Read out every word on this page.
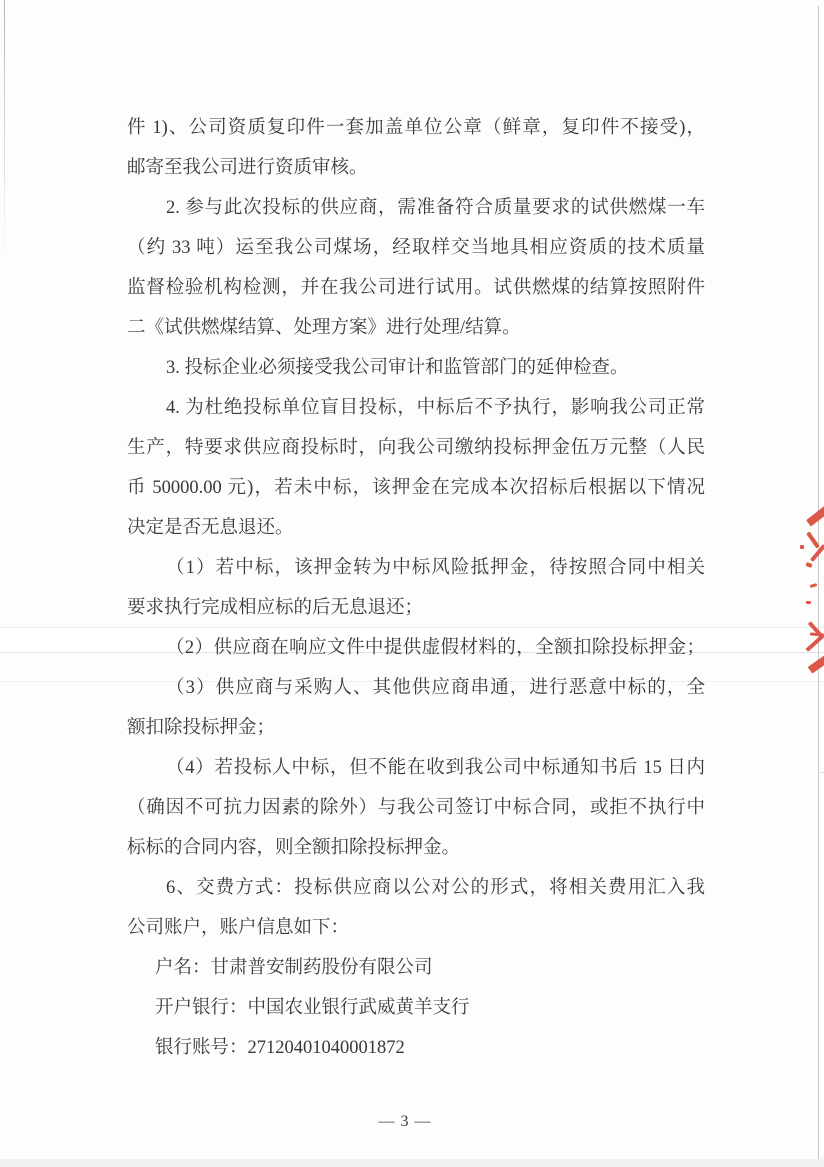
件 1)、公司资质复印件一套加盖单位公章（鲜章，复印件不接受)，
邮寄至我公司进行资质审核。
2. 参与此次投标的供应商，需准备符合质量要求的试供燃煤一车
（约 33 吨）运至我公司煤场，经取样交当地具相应资质的技术质量
监督检验机构检测，并在我公司进行试用。试供燃煤的结算按照附件
二《试供燃煤结算、处理方案》进行处理/结算。
3. 投标企业必须接受我公司审计和监管部门的延伸检查。
4. 为杜绝投标单位盲目投标，中标后不予执行，影响我公司正常
生产，特要求供应商投标时，向我公司缴纳投标押金伍万元整（人民
币 50000.00 元)，若未中标，该押金在完成本次招标后根据以下情况
决定是否无息退还。
（1）若中标，该押金转为中标风险抵押金，待按照合同中相关
要求执行完成相应标的后无息退还；
（2）供应商在响应文件中提供虚假材料的，全额扣除投标押金；
（3）供应商与采购人、其他供应商串通，进行恶意中标的，全
额扣除投标押金；
（4）若投标人中标，但不能在收到我公司中标通知书后 15 日内
（确因不可抗力因素的除外）与我公司签订中标合同，或拒不执行中
标标的合同内容，则全额扣除投标押金。
6、交费方式：投标供应商以公对公的形式，将相关费用汇入我
公司账户，账户信息如下：
户名：甘肃普安制药股份有限公司
开户银行：中国农业银行武威黄羊支行
银行账号：27120401040001872
— 3 —
